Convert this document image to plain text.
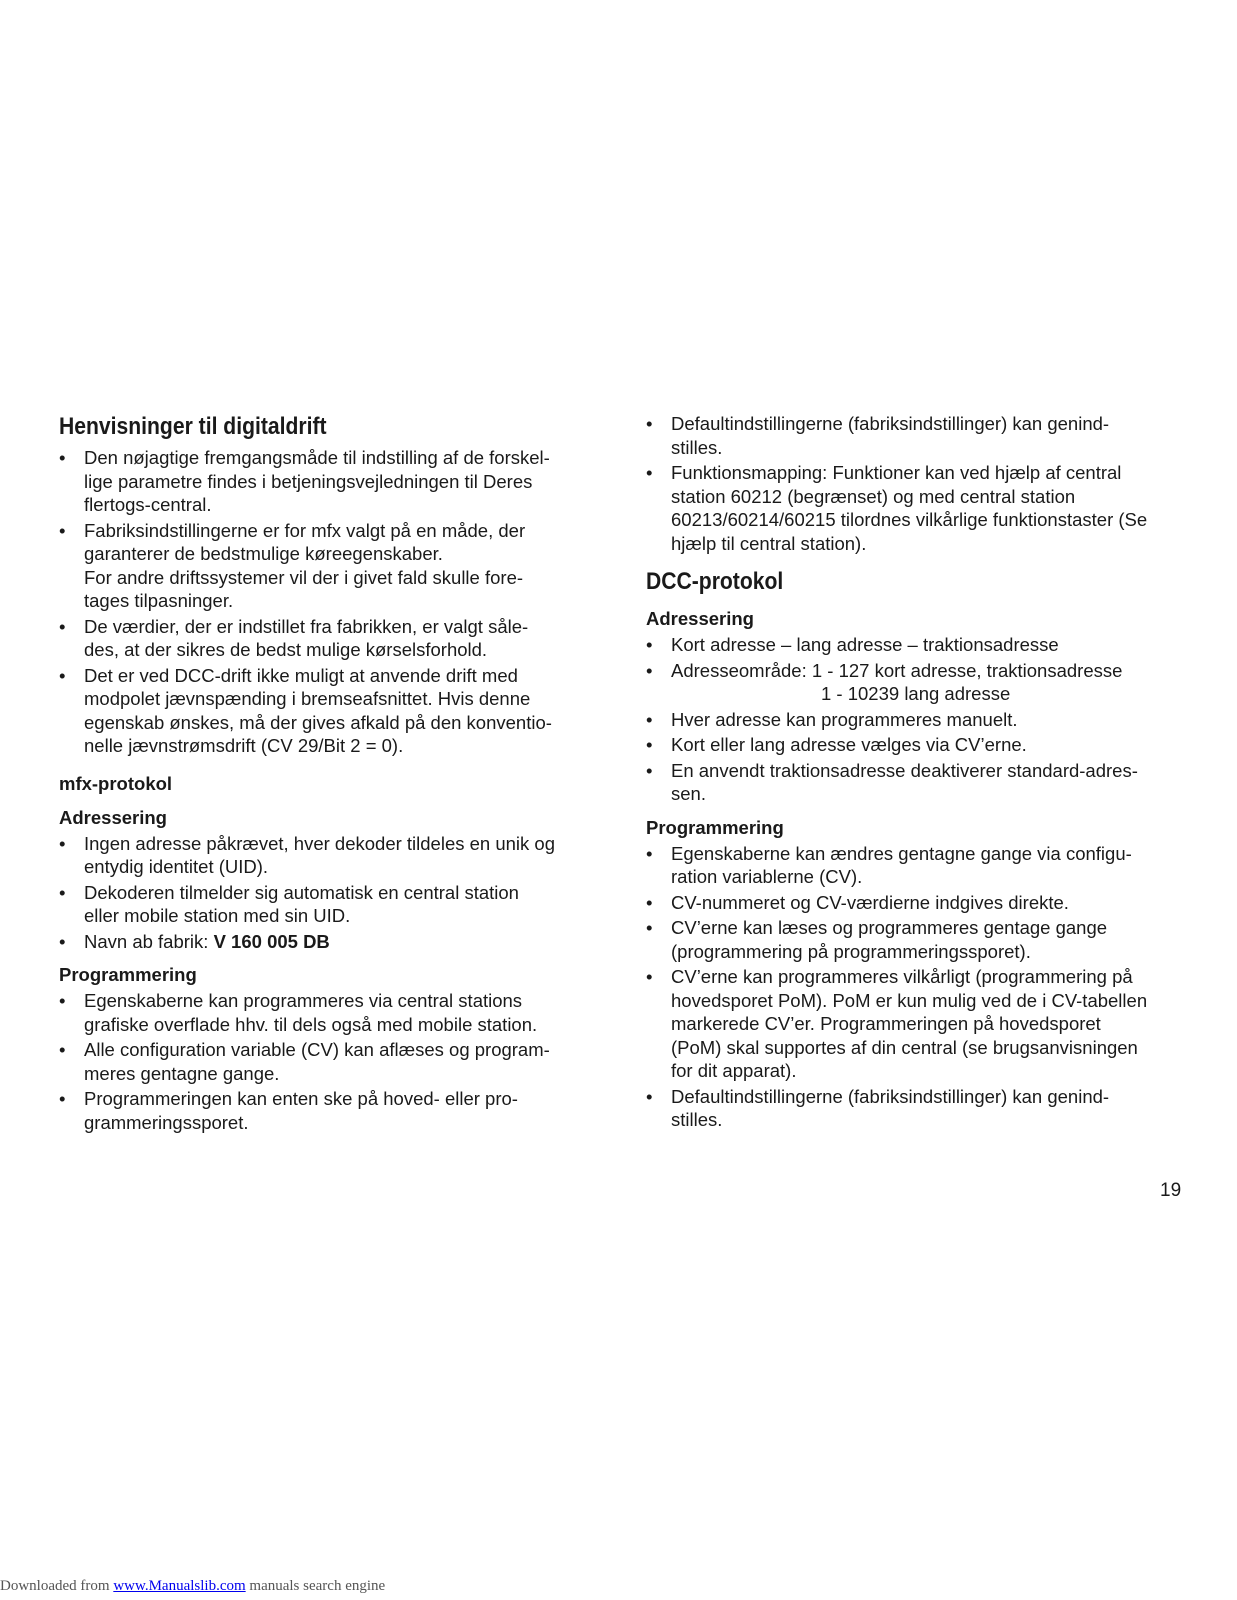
Henvisninger til digitaldrift
• Den nøjagtige fremgangsmåde til indstilling af de forskel-
lige parametre findes i betjeningsvejledningen til Deres
flertogs-central.
• Fabriksindstillingerne er for mfx valgt på en måde, der
garanterer de bedstmulige køreegenskaber.
For andre driftssystemer vil der i givet fald skulle fore-
tages tilpasninger.
• De værdier, der er indstillet fra fabrikken, er valgt såle-
des, at der sikres de bedst mulige kørselsforhold.
• Det er ved DCC-drift ikke muligt at anvende drift med
modpolet jævnspænding i bremseafsnittet. Hvis denne
egenskab ønskes, må der gives afkald på den konventio-
nelle jævnstrømsdrift (CV 29/Bit 2 = 0).
mfx-protokol
Adressering
• Ingen adresse påkrævet, hver dekoder tildeles en unik og
entydig identitet (UID).
• Dekoderen tilmelder sig automatisk en central station
eller mobile station med sin UID.
• Navn ab fabrik: V 160 005 DB
Programmering
• Egenskaberne kan programmeres via central stations
grafiske overflade hhv. til dels også med mobile station.
• Alle configuration variable (CV) kan aflæses og program-
meres gentagne gange.
• Programmeringen kan enten ske på hoved- eller pro-
grammeringssporet.
• Defaultindstillingerne (fabriksindstillinger) kan genind-
stilles.
• Funktionsmapping: Funktioner kan ved hjælp af central
station 60212 (begrænset) og med central station
60213/60214/60215 tilordnes vilkårlige funktionstaster (Se
hjælp til central station).
DCC-protokol
Adressering
• Kort adresse – lang adresse – traktionsadresse
• Adresseområde: 1 - 127 kort adresse, traktionsadresse
1 - 10239 lang adresse
• Hver adresse kan programmeres manuelt.
• Kort eller lang adresse vælges via CV’erne.
• En anvendt traktionsadresse deaktiverer standard-adres-
sen.
Programmering
• Egenskaberne kan ændres gentagne gange via configu-
ration variablerne (CV).
• CV-nummeret og CV-værdierne indgives direkte.
• CV’erne kan læses og programmeres gentage gange
(programmering på programmeringssporet).
• CV’erne kan programmeres vilkårligt (programmering på
hovedsporet PoM). PoM er kun mulig ved de i CV-tabellen
markerede CV’er. Programmeringen på hovedsporet
(PoM) skal supportes af din central (se brugsanvisningen
for dit apparat).
• Defaultindstillingerne (fabriksindstillinger) kan genind-
stilles.
19
Downloaded from www.Manualslib.com manuals search engine
